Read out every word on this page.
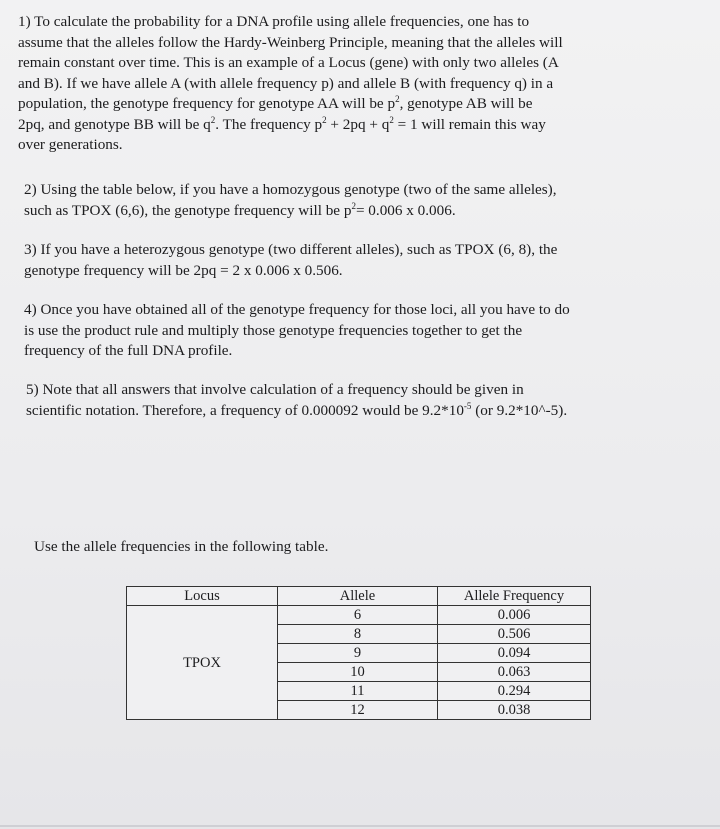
1) To calculate the probability for a DNA profile using allele frequencies, one has to
assume that the alleles follow the Hardy-Weinberg Principle, meaning that the alleles will
remain constant over time. This is an example of a Locus (gene) with only two alleles (A
and B). If we have allele A (with allele frequency p) and allele B (with frequency q) in a
population, the genotype frequency for genotype AA will be $p^2$, genotype AB will be
2pq, and genotype BB will be $q^2$. The frequency $p^2 + 2pq + q^2 = 1$ will remain this way
over generations.
2) Using the table below, if you have a homozygous genotype (two of the same alleles),
such as TPOX (6,6), the genotype frequency will be $p^2= 0.006$ x 0.006.
3) If you have a heterozygous genotype (two different alleles), such as TPOX (6, 8), the
genotype frequency will be 2pq = 2 x 0.006 x 0.506.
4) Once you have obtained all of the genotype frequency for those loci, all you have to do
is use the product rule and multiply those genotype frequencies together to get the
frequency of the full DNA profile.
5) Note that all answers that involve calculation of a frequency should be given in
scientific notation. Therefore, a frequency of 0.000092 would be $9.2*10^{-5}$ (or 9.2*10^-5).
Use the allele frequencies in the following table.
Locus	Allele	Allele Frequency
TPOX	6	0.006
	8	0.506
	9	0.094
	10	0.063
	11	0.294
	12	0.038
